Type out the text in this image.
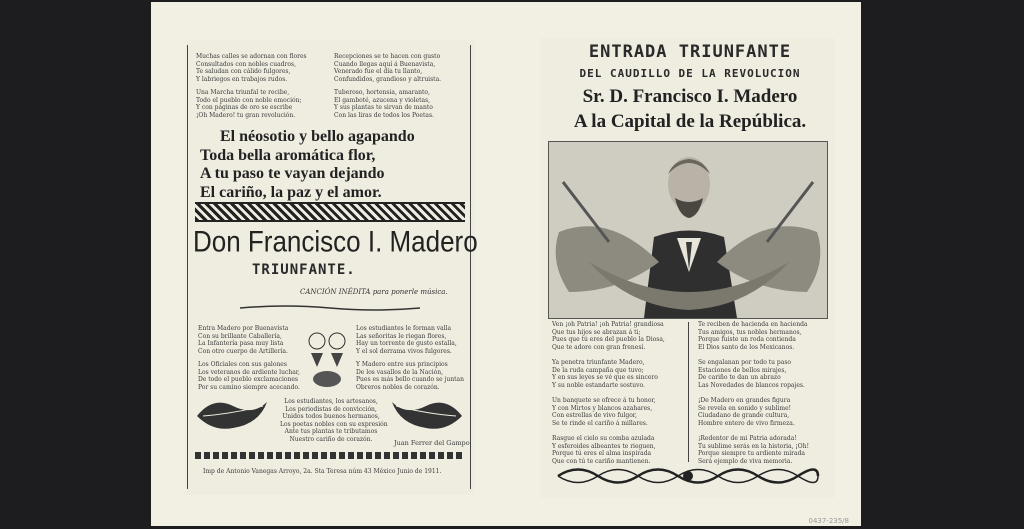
Muchas calles se adornan con flores
Consultados con nobles cuadros,
Te saludan con cálido fulgores,
Y labriegos en trabajos rudos.
Una Marcha triunfal te recibe,
Todo el pueblo con noble emoción;
Y con páginas de oro se escribe
¡Oh Madero! tu gran revolución.
Recepciones se te hacen con gusto
Cuando llegas aquí á Buenavista,
Venerado fue el día tu llanto,
Confundidos, grandioso y altruista.
Tuberoso, hortensia, amaranto,
El gamboté, azucena y violetas,
Y sus plantas te sirvan de manto
Con las liras de todos los Poetas.
El néosotio y bello agapando
Toda bella aromática flor,
A tu paso te vayan dejando
El cariño, la paz y el amor.
Don Francisco I. Madero
TRIUNFANTE.
CANCIÓN INÉDITA para ponerle música.
Entra Madero por Buenavista
Con su brillante Caballería,
La Infantería pasa muy lista
Con otro cuerpo de Artillería.
Los Oficiales con sus galones
Los veteranos de ardiente luchar,
De todo el pueblo exclamaciones
Por su camino siempre acecando.
Los estudiantes le forman valla
Las señoritas le riegan flores,
Hay un torrente de gusto estalla,
Y el sol derrama vivos fulgores.
Y Madero entre sus principios
De los vasallos de la Nación,
Pues es más bello cuando se juntan
Obreros nobles de corazón.
Los estudiantes, los artesanos,
Los periodistas de convicción,
Unidos todos buenos hermanos,
Los poetas nobles con su expresión
Ante tus plantas te tributamos
Nuestro cariño de corazón.	Juan Ferrer del Gampo.
Imp de Antonio Vanegas Arroyo, 2a. Sta Teresa núm 43 México Junio de 1911.
ENTRADA TRIUNFANTE
DEL CAUDILLO DE LA REVOLUCION
Sr. D. Francisco I. Madero
A la Capital de la República.
Ven ¡oh Patria! ¡oh Patria! grandiosa
Que tus hijos se abrazan á ti;
Pues que tú eres del pueblo la Diosa,
Que te adore con gran frenesí.
Ya penetra triunfante Madero,
De la ruda campaña que tuvo;
Y en sus leyes se vé que es sincero
Y su noble estandarte sostuvo.
Un banquete se ofrece á tu honor,
Y con Mirtos y blancos azahares,
Con estrellas de vivo fulgor,
Se te rinde el cariño á millares.
Rasgue el cielo su comba azulada
Y esferoides albeantes te rieguen,
Porque tú eres el alma inspirada
Que con tú te cariño mantienen.
Te reciben de hacienda en hacienda
Tus amigos, tus nobles hermanos,
Porque fuiste un roda contienda
El Dios santo de los Mexicanos.
Se engalanan por todo tu paso
Estaciones de bellos mirajes,
De cariño te dan un abrazo
Las Novedades de blancos ropajes.
¡De Madero en grandes figura
Se revela en sonido y sublime!
Ciudadano de grande cultura,
Hombre entero de vivo firmeza.
¡Redentor de mi Patria adorada!
Tu sublime serás en la historia, ¡Oh!
Porque siempre tu ardiente mirada
Será ejemplo de viva memoria.
0437-235/8
